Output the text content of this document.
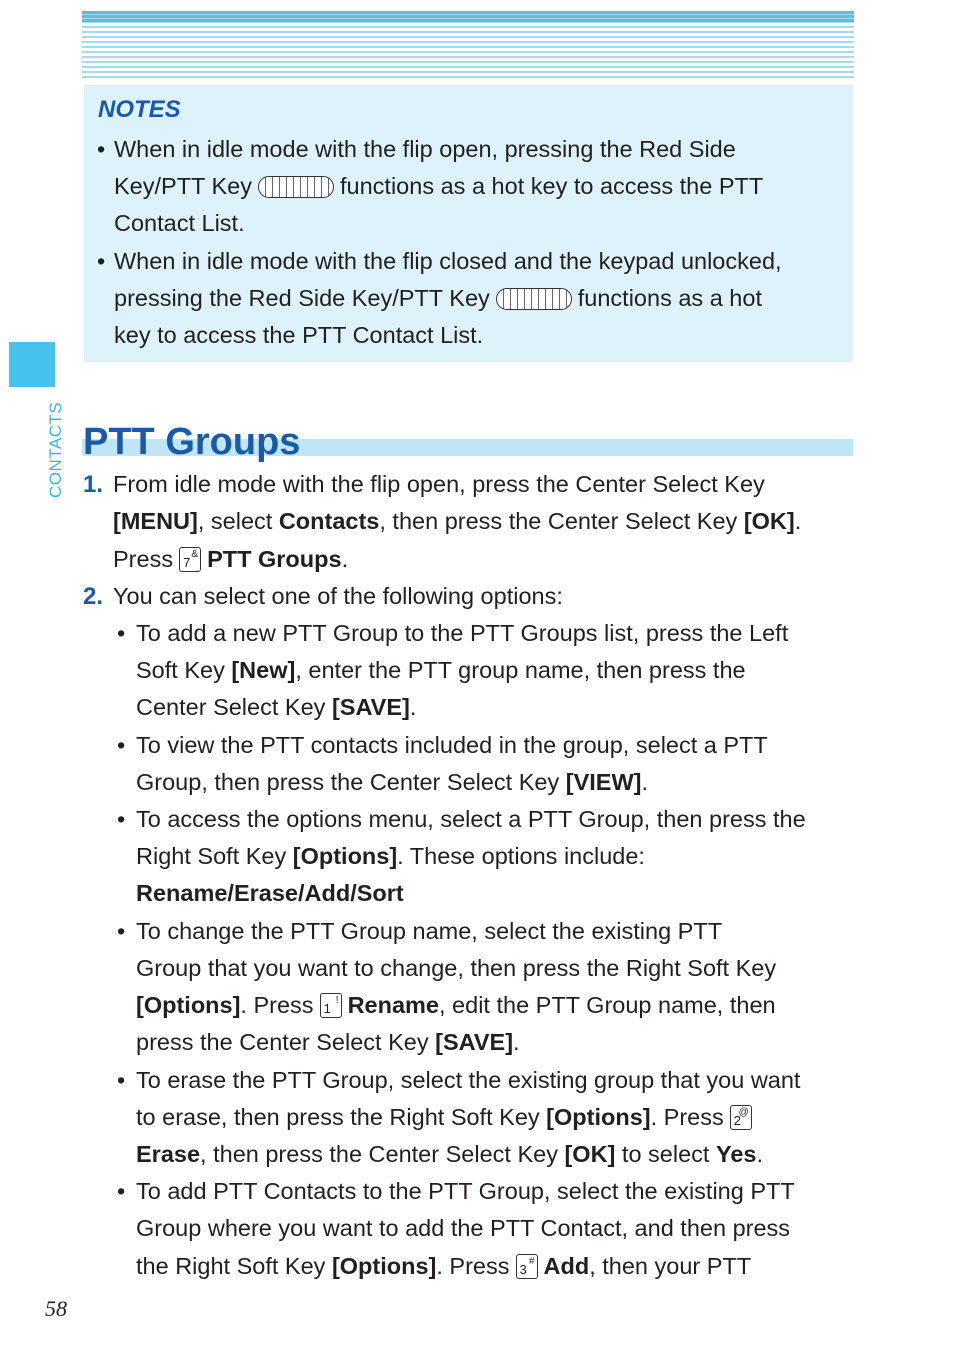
NOTES
• When in idle mode with the flip open, pressing the Red Side
Key/PTT Key	functions as a hot key to access the PTT
Contact List.
• When in idle mode with the flip closed and the keypad unlocked,
pressing the Red Side Key/PTT Key	functions as a hot
key to access the PTT Contact List.
CONTACTS PTT Groups
1. From idle mode with the flip open, press the Center Select Key
[MENU], select Contacts, then press the Center Select Key [OK].
Press 7
& PTT Groups.
2. You can select one of the following options:
• To add a new PTT Group to the PTT Groups list, press the Left
Soft Key [New], enter the PTT group name, then press the
Center Select Key [SAVE].
• To view the PTT contacts included in the group, select a PTT
Group, then press the Center Select Key [VIEW].
• To access the options menu, select a PTT Group, then press the
Right Soft Key [Options]. These options include:
Rename/Erase/Add/Sort
• To change the PTT Group name, select the existing PTT
Group that you want to change, then press the Right Soft Key
[Options]. Press 1
! Rename, edit the PTT Group name, then
press the Center Select Key [SAVE].
• To erase the PTT Group, select the existing group that you want
to erase, then press the Right Soft Key [Options]. Press 2
@
Erase, then press the Center Select Key [OK] to select Yes.
• To add PTT Contacts to the PTT Group, select the existing PTT
Group where you want to add the PTT Contact, and then press
the Right Soft Key [Options]. Press 3
# Add, then your PTT
58
